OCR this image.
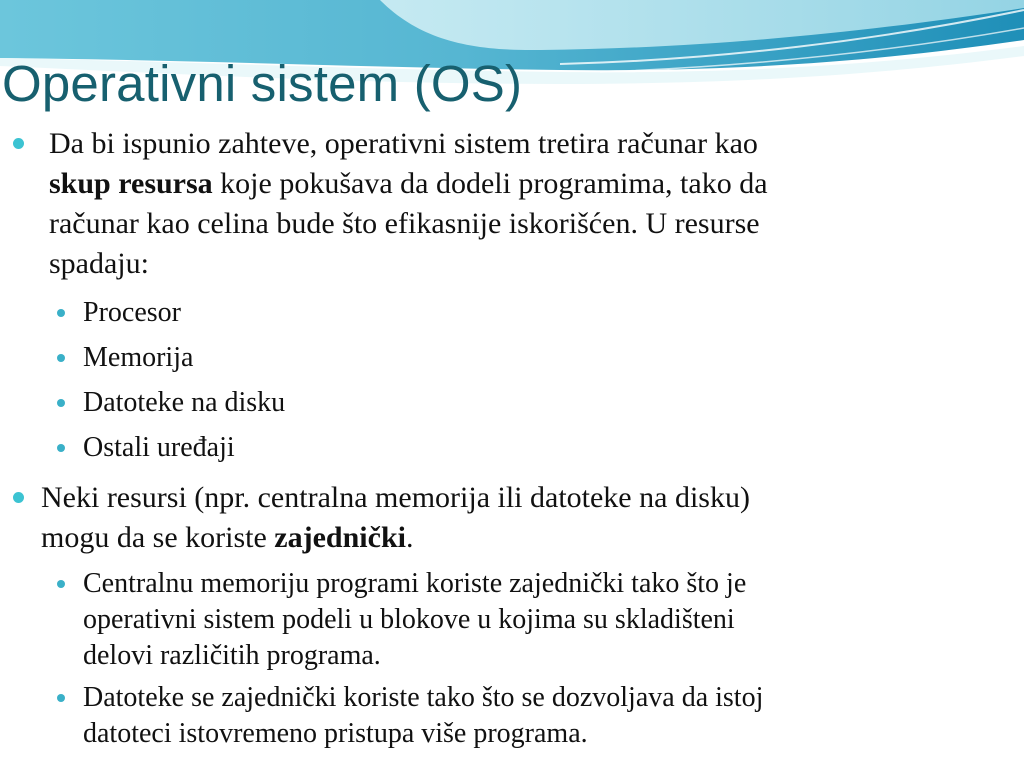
Operativni sistem (OS)
Da bi ispunio zahteve, operativni sistem tretira računar kao
skup resursa koje pokušava da dodeli programima, tako da
računar kao celina bude što efikasnije iskorišćen. U resurse
spadaju:
Procesor
Memorija
Datoteke na disku
Ostali uređaji
Neki resursi (npr. centralna memorija ili datoteke na disku)
mogu da se koriste zajednički.
Centralnu memoriju programi koriste zajednički tako što je
operativni sistem podeli u blokove u kojima su skladišteni
delovi različitih programa.
Datoteke se zajednički koriste tako što se dozvoljava da istoj
datoteci istovremeno pristupa više programa.
